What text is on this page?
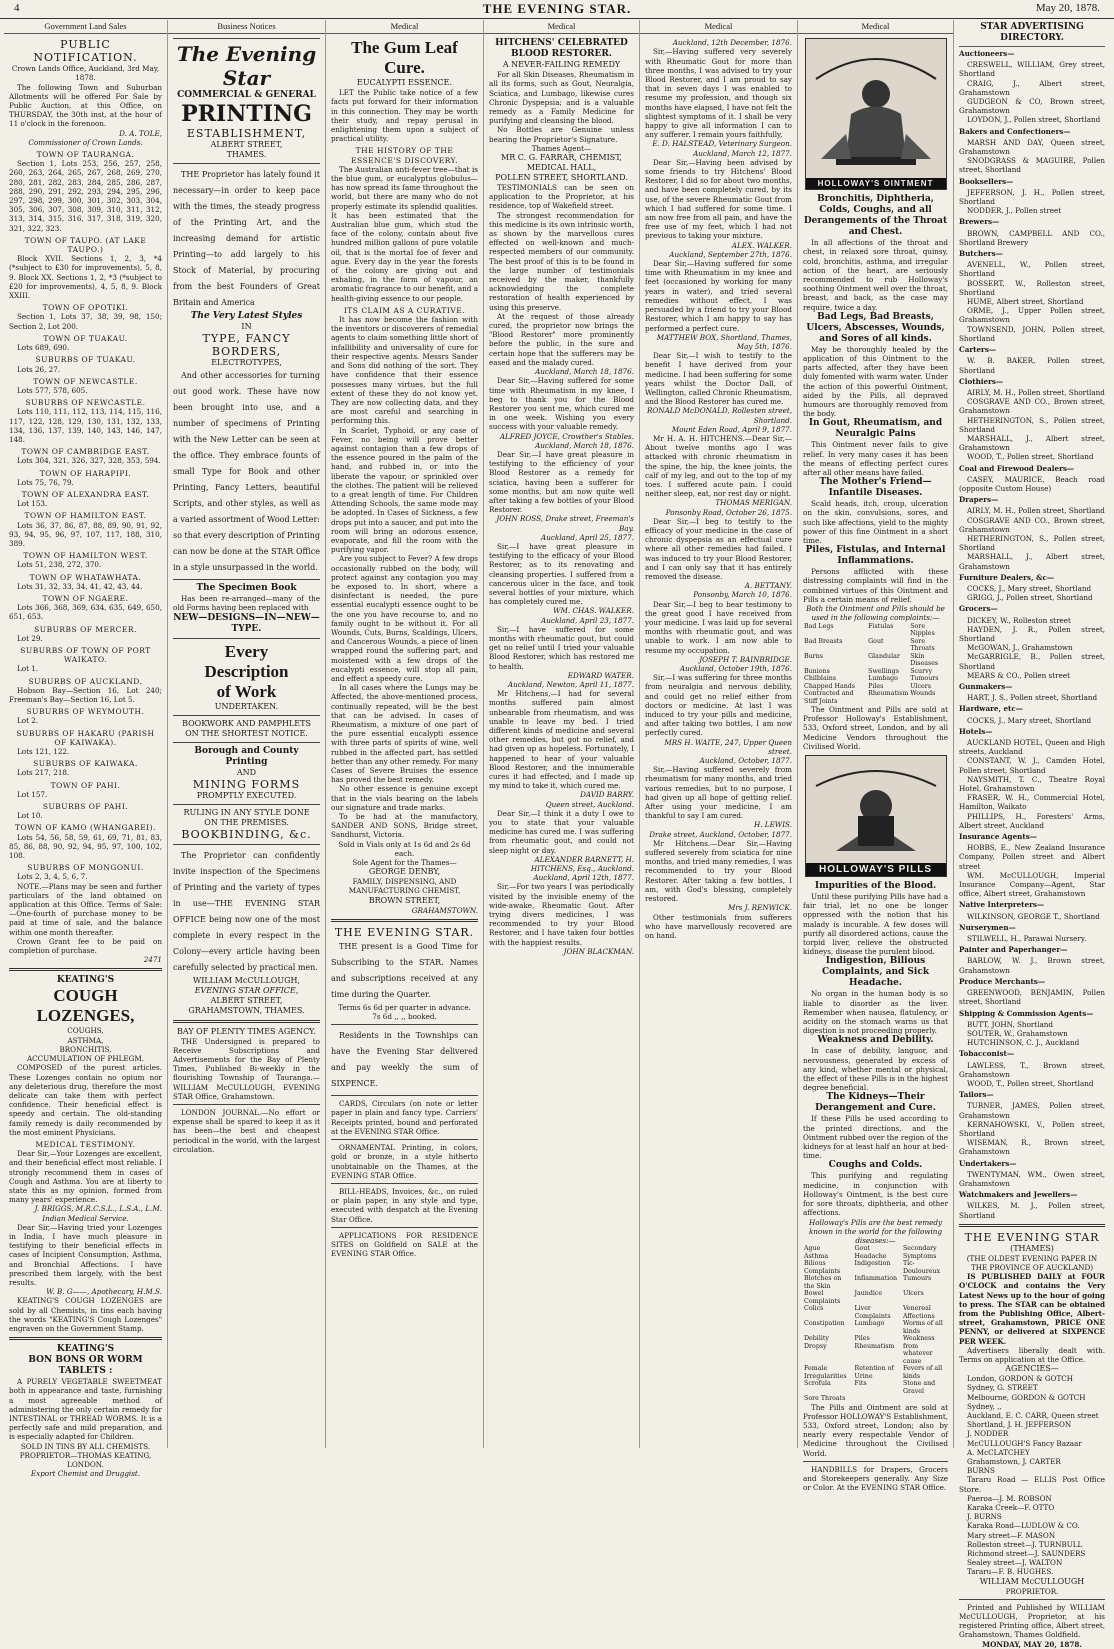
4	THE EVENING STAR.	May 20, 1878.
Government Land Sales
PUBLIC NOTIFICATION.
Crown Lands Office, Auckland, 3rd May, 1878.

The following Town and Suburban Allotments will be offered For Sale by Public Auction, at this Office, on THURSDAY, the 30th inst, at the hour of 11 o'clock in the forenoon.

D. A. TOLE,
Commissioner of Crown Lands.
TOWN OF TAURANGA.

Section 1, Lots 253, 256, 257, 258, 260, 263, 264, 265, 267, 268, 269, 270, 280, 281, 282, 283, 284, 285, 286, 287, 288, 290, 291, 292, 293, 294, 295, 296, 297, 298, 299, 300, 301, 302, 303, 304, 305, 306, 307, 308, 309, 310, 311, 312, 313, 314, 315, 316, 317, 318, 319, 320, 321, 322, 323.

TOWN OF TAUPO. (AT LAKE TAUPO.)

Block XVII. Sections 1, 2, 3, *4 (*subject to £30 for improvements), 5, 8, 9. Block XX. Sections 1, 2, *3 (*subject to £20 for improvements), 4, 5, 8, 9. Block XXIII.

TOWN OF OPOTIKI.

Section 1, Lots 37, 38, 39, 98, 150; Section 2, Lot 200.

TOWN OF TUAKAU.

Lots 689, 690.

SUBURBS OF TUAKAU.

Lots 26, 27.

TOWN OF NEWCASTLE.

Lots 577, 578, 605.

SUBURBS OF NEWCASTLE.

Lots 110, 111, 112, 113, 114, 115, 116, 117, 122, 128, 129, 130, 131, 132, 133, 134, 136, 137, 139, 140, 143, 146, 147, 148.

TOWN OF CAMBRIDGE EAST.

Lots 304, 321, 326, 327, 328, 353, 594.

TOWN OF HARAPIPI.

Lots 75, 76, 79.

TOWN OF ALEXANDRA EAST.

Lot 153.

TOWN OF HAMILTON EAST.

Lots 36, 37, 86, 87, 88, 89, 90, 91, 92, 93, 94, 95, 96, 97, 107, 117, 188, 310, 389.

TOWN OF HAMILTON WEST.

Lots 51, 238, 272, 370.

TOWN OF WHATAWHATA.

Lots 31, 32, 33, 34, 41, 42, 43, 44.

TOWN OF NGAERE.

Lots 366, 368, 369, 634, 635, 649, 650, 651, 653.

SUBURBS OF MERCER.

Lot 29.

SUBURBS OF TOWN OF PORT WAIKATO.

Lot 1.

SUBURBS OF AUCKLAND.

Hobson Bay—Section 16, Lot 240; Freeman's Bay—Section 16, Lot 5.

SUBURBS OF WEYMOUTH.

Lot 2.

SUBURBS OF HAKARU (PARISH OF KAIWAKA).

Lots 121, 122.

SUBURBS OF KAIWAKA.

Lots 217, 218.

TOWN OF PAHI.

Lot 157.

SUBURBS OF PAHI.

Lot 10.

TOWN OF KAMO (WHANGAREI).

Lots 54, 56, 58, 59, 61, 69, 71, 81, 83, 85, 86, 88, 90, 92, 94, 95, 97, 100, 102, 108.

SUBURBS OF MONGONUI.

Lots 2, 3, 4, 5, 6, 7.

NOTE.—Plans may be seen and further particulars of the land obtained on application at this Office. Terms of Sale:—One-fourth of purchase money to be paid at time of sale, and the balance within one month thereafter.

Crown Grant fee to be paid on completion of purchase.

2471
KEATING'S
COUGH LOZENGES,
COUGHS,
ASTHMA,
BRONCHITIS,
ACCUMULATION OF PHLEGM.

COMPOSED of the purest articles. These Lozenges contain no opium nor any deleterious drug, therefore the most delicate can take them with perfect confidence. Their beneficial effect is speedy and certain. The old-standing family remedy is daily recommended by the most eminent Physicians.

MEDICAL TESTIMONY.

Dear Sir,—Your Lozenges are excellent, and their beneficial effect most reliable. I strongly recommend them in cases of Cough and Asthma. You are at liberty to state this as my opinion, formed from many years' experience.

J. BRIGGS, M.R.C.S.L., L.S.A., L.M.
Indian Medical Service.

Dear Sir,—Having tried your Lozenges in India, I have much pleasure in testifying to their beneficial effects in cases of Incipient Consumption, Asthma, and Bronchial Affections. I have prescribed them largely, with the best results.

W. B. G——, Apothecary, H.M.S.

KEATING'S COUGH LOZENGES are sold by all Chemists, in tins each having the words "KEATING'S Cough Lozenges" engraven on the Government Stamp.

KEATING'S
BON BONS OR WORM TABLETS :

A PURELY VEGETABLE SWEETMEAT both in appearance and taste, furnishing a most agreeable method of administering the only certain remedy for INTESTINAL or THREAD WORMS. It is a perfectly safe and mild preparation, and is especially adapted for Children.

SOLD IN TINS BY ALL CHEMISTS.
PROPRIETOR—THOMAS KEATING,
LONDON.
Export Chemist and Druggist.
Business Notices
The Evening Star
COMMERCIAL & GENERAL
PRINTING
ESTABLISHMENT,
ALBERT STREET,
THAMES.

THE Proprietor has lately found it necessary—in order to keep pace with the times, the steady progress of the Printing Art, and the increasing demand for artistic Printing—to add largely to his Stock of Material, by procuring from the best Founders of Great Britain and America

The Very Latest Styles
IN
TYPE, FANCY BORDERS,
ELECTROTYPES,

And other accessories for turning out good work. These have now been brought into use, and a number of specimens of Printing with the New Letter can be seen at the office. They embrace founts of small Type for Book and other Printing, Fancy Letters, beautiful Scripts, and other styles, as well as a varied assortment of Wood Letter: so that every description of Printing can now be done at the STAR Office in a style unsurpassed in the world.

The Specimen Book

Has been re-arranged—many of the old Forms having been replaced with

NEW—DESIGNS—IN—NEW—TYPE.
Every
Description
of Work
UNDERTAKEN.
BOOKWORK AND PAMPHLETS
ON THE SHORTEST NOTICE.
Borough and County Printing
AND
MINING FORMS
PROMPTLY EXECUTED.
RULING IN ANY STYLE DONE
ON THE PREMISES.
BOOKBINDING, &c.

The Proprietor can confidently invite inspection of the Specimens of Printing and the variety of types in use—THE EVENING STAR OFFICE being now one of the most complete in every respect in the Colony—every article having been carefully selected by practical men.

WILLIAM McCULLOUGH,
EVENING STAR OFFICE,
ALBERT STREET,
GRAHAMSTOWN, THAMES.
BAY OF PLENTY TIMES AGENCY.

THE Undersigned is prepared to Receive Subscriptions and Advertisements for the Bay of Plenty Times, Published Bi-weekly in the flourishing Township of Tauranga.—WILLIAM McCULLOUGH, EVENING STAR Office, Grahamstown.

LONDON JOURNAL.—No effort or expense shall be spared to keep it as it has been—the best and cheapest periodical in the world, with the largest circulation.

Medical
The Gum Leaf Cure.
EUCALYPTI ESSENCE.

LET the Public take notice of a few facts put forward for their information in this connection. They may be worth their study, and repay perusal in enlightening them upon a subject of practical utility.

THE HISTORY OF THE ESSENCE'S DISCOVERY.

The Australian anti-fever tree—that is the blue gum, or eucalyptus globulus—has now spread its fame throughout the world, but there are many who do not properly estimate its splendid qualities. It has been estimated that the Australian blue gum, which stud the face of the colony, contain about five hundred million gallons of pure volatile oil, that is the mortal foe of fever and ague. Every day in the year the forests of the colony are giving out and exhaling, in the form of vapour, an aromatic fragrance to our benefit, and a health-giving essence to our people.

ITS CLAIM AS A CURATIVE.

It has now become the fashion with the inventors or discoverers of remedial agents to claim something little short of infallibility and universality of cure for their respective agents. Messrs Sander and Sons did nothing of the sort. They have confidence that their essence possesses many virtues, but the full extent of these they do not know yet. They are now collecting data, and they are most careful and searching in performing this.

In Scarlet, Typhoid, or any case of Fever, no being will prove better against contagion than a few drops of the essence poured in the palm of the hand, and rubbed in, or into the liberate the vapour, or sprinkled over the clothes. The patient will be relieved to a great length of time. For Children Attending Schools, the same mode may be adopted. In Cases of Sickness, a few drops put into a saucer, and put into the room will bring an odorous essence, evaporate, and fill the room with the purifying vapor.

Are you subject to Fever? A few drops occasionally rubbed on the body, will protect against any contagion you may be exposed to. In short, where a disinfectant is needed, the pure essential eucalypti essence ought to be the one you have recourse to, and no family ought to be without it. For all Wounds, Cuts, Burns, Scaldings, Ulcers, and Cancerous Wounds, a piece of linen wrapped round the suffering part, and moistened with a few drops of the eucalypti essence, will stop all pain, and effect a speedy cure.

In all cases where the Lungs may be Affected, the above-mentioned process, continually repeated, will be the best that can be advised. In cases of Rheumatism, a mixture of one part of the pure essential eucalypti essence with three parts of spirits of wine, well rubbed in the affected part, has settled better than any other remedy. For many Cases of Severe Bruises the essence has proved the best remedy.

No other essence is genuine except that in the vials bearing on the labels our signature and trade marks.

To be had at the manufactory, SANDER AND SONS, Bridge street, Sandhurst, Victoria.

Sold in Vials only at 1s 6d and 2s 6d each.
Sole Agent for the Thames—
GEORGE DENBY,
FAMILY, DISPENSING, AND MANUFACTURING CHEMIST,
BROWN STREET,
GRAHAMSTOWN.
THE EVENING STAR.

THE present is a Good Time for Subscribing to the STAR. Names and subscriptions received at any time during the Quarter.

Terms 6s 6d per quarter in advance.
7s 6d ,, ,, booked.

Residents in the Townships can have the Evening Star delivered and pay weekly the sum of SIXPENCE.

CARDS, Circulars (on note or letter paper in plain and fancy type. Carriers' Receipts printed, bound and perforated at the EVENING STAR Office.

ORNAMENTAL Printing, in colors, gold or bronze, in a style hitherto unobtainable on the Thames, at the EVENING STAR Office.

BILL-HEADS, Invoices, &c., on ruled or plain paper, in any style and type, executed with despatch at the Evening Star Office.

APPLICATIONS FOR RESIDENCE SITES on Goldfield on SALE at the EVENING STAR Office.

Medical
HITCHENS' CELEBRATED BLOOD RESTORER.
A NEVER-FAILING REMEDY

For all Skin Diseases, Rheumatism in all its forms, such as Gout, Neuralgia, Sciatica, and Lumbago, likewise cures Chronic Dyspepsia; and is a valuable remedy as a Family Medicine for purifying and cleansing the blood.

No Bottles are Genuine unless bearing the Proprietor's Signature.

Thames Agent—
MR C. G. FARRAR, CHEMIST,
MEDICAL HALL,
POLLEN STREET, SHORTLAND.

TESTIMONIALS can be seen on application to the Proprietor, at his residence, top of Wakefield street.

The strongest recommendation for this medicine is its own intrinsic worth, as shown by the marvellous cures effected on well-known and much-respected members of our community. The best proof of this is to be found in the large number of testimonials received by the maker, thankfully acknowledging the complete restoration of health experienced by using this preserve.

At the request of those already cured, the proprietor now brings the "Blood Restorer" more prominently before the public, in the sure and certain hope that the sufferers may be eased and the malady cured.

Auckland, March 18, 1876.

Dear Sir,—Having suffered for some time with Rheumatism in my knee, I beg to thank you for the Blood Restorer you sent me, which cured me in one week. Wishing you every success with your valuable remedy.

ALFRED JOYCE, Crowther's Stables.
Auckland, March 18, 1876.

Dear Sir,—I have great pleasure in testifying to the efficiency of your Blood Restorer as a remedy for sciatica, having been a sufferer for some months, but am now quite well after taking a few bottles of your Blood Restorer.

JOHN ROSS, Drake street, Freeman's Bay.
Auckland, April 25, 1877.

Sir,—I have great pleasure in testifying to the efficacy of your Blood Restorer, as to its renovating and cleansing properties. I suffered from a cancerous ulcer in the face, and took several bottles of your mixture, which has completely cured me.

WM. CHAS. WALKER.
Auckland, April 23, 1877.

Sir,—I have suffered for some months with rheumatic gout, but could get no relief until I tried your valuable Blood Restorer, which has restored me to health.

EDWARD WATER.
Auckland, Newton, April 11, 1877.

Mr Hitchens,—I had for several months suffered pain almost unbearable from rheumatism, and was unable to leave my bed. I tried different kinds of medicine and several other remedies, but got no relief, and had given up as hopeless. Fortunately, I happened to hear of your valuable Blood Restorer, and the innumerable cures it had effected, and I made up my mind to take it, which cured me.

DAVID BARRY.
Queen street, Auckland.

Dear Sir,—I think it a duty I owe to you to state that your valuable medicine has cured me. I was suffering from rheumatic gout, and could not sleep night or day.

ALEXANDER BARNETT, H. HITCHENS, Esq., Auckland.
Auckland, April 12th, 1877.

Sir,—For two years I was periodically visited by the invisible enemy of the wide-awake, Rheumatic Gout. After trying divers medicines, I was recommended to try your Blood Restorer, and I have taken four bottles with the happiest results.

JOHN BLACKMAN.
Medical
Auckland, 12th December, 1876.

Sir,—Having suffered very severely with Rheumatic Gout for more than three months, I was advised to try your Blood Restorer, and I am proud to say that in seven days I was enabled to resume my profession, and though six months have elapsed, I have not felt the slightest symptoms of it. I shall be very happy to give all information I can to any sufferer. I remain yours faithfully,

E. D. HALSTEAD, Veterinary Surgeon.
Auckland, March 12, 1877.

Dear Sir,—Having been advised by some friends to try Hitchens' Blood Restorer, I did so for about two months, and have been completely cured, by its use, of the severe Rheumatic Gout from which I had suffered for some time. I am now free from all pain, and have the free use of my feet, which I had not previous to taking your mixture.

ALEX. WALKER.
Auckland, September 27th, 1876.

Dear Sir,—Having suffered for some time with Rheumatism in my knee and feet (occasioned by working for many years in water), and tried several remedies without effect, I was persuaded by a friend to try your Blood Restorer, which I am happy to say has performed a perfect cure.

MATTHEW BOX, Shortland, Thames, May 5th, 1876.

Dear Sir,—I wish to testify to the benefit I have derived from your medicine. I had been suffering for some years whilst the Doctor Dall, of Wellington, called Chronic Rheumatism, and the Blood Restorer has cured me.

RONALD McDONALD, Rollesten street, Shortland.
Mount Eden Road, April 9, 1877.

Mr H. A. H. HITCHENS.—Dear Sir,—About twelve months ago I was attacked with chronic rheumatism in the spine, the hip, the knee joints, the calf of my leg, and out to the top of my toes. I suffered acute pain. I could neither sleep, eat, nor rest day or night.

THOMAS MERIGAN.
Ponsonby Road, October 26, 1875.

Dear Sir,—I beg to testify to the efficacy of your medicine in the case of chronic dyspepsia as an effectual cure where all other remedies had failed. I was induced to try your Blood Restorer, and I can only say that it has entirely removed the disease.

A. BETTANY.
Ponsonby, March 10, 1876.

Dear Sir,—I beg to bear testimony to the great good I have received from your medicine. I was laid up for several months with rheumatic gout, and was unable to work. I am now able to resume my occupation.

JOSEPH T. BAINBRIDGE.
Auckland, October 19th, 1876.

Sir,—I was suffering for three months from neuralgia and nervous debility, and could get no relief either from doctors or medicine. At last I was induced to try your pills and medicine, and after taking two bottles, I am now perfectly cured.

MRS H. WAITE, 247, Upper Queen street.
Auckland, October, 1877.

Sir,—Having suffered severely from rheumatism for many months, and tried various remedies, but to no purpose, I had given up all hope of getting relief. After using your medicine, I am thankful to say I am cured.

H. LEWIS.
Drake street, Auckland, October, 1877.

Mr Hitchens.—Dear Sir,—Having suffered severely from sciatica for nine months, and tried many remedies, I was recommended to try your Blood Restorer. After taking a few bottles, I am, with God's blessing, completely restored.

Mrs J. RENWICK.

Other testimonials from sufferers who have marvellously recovered are on hand.

Medical
HOLLOWAY'S OINTMENT
Bronchitis, Diphtheria, Colds, Coughs, and all Derangements of the Throat and Chest.

In all affections of the throat and chest, in relaxed sore throat, quinsy, cold, bronchitis, asthma, and irregular action of the heart, are seriously recommended to rub Holloway's soothing Ointment well over the throat, breast, and back, as the case may require, twice a day.

Bad Legs, Bad Breasts, Ulcers, Abscesses, Wounds, and Sores of all kinds.

May be thoroughly healed by the application of this Ointment to the parts affected, after they have been duly fomented with warm water. Under the action of this powerful Ointment, aided by the Pills, all depraved humours are thoroughly removed from the body.

In Gout, Rheumatism, and Neuralgic Pains

This Ointment never fails to give relief. In very many cases it has been the means of effecting perfect cures after all other means have failed.

The Mother's Friend—Infantile Diseases.

Scald heads, itch, croup, ulceration on the skin, convulsions, sores, and such like affections, yield to the mighty power of this fine Ointment in a short time.

Piles, Fistulas, and Internal Inflammations.

Persons afflicted with these distressing complaints will find in the combined virtues of this Ointment and Pills a certain means of relief.

Both the Ointment and Pills should be used in the following complaints:—
Bad Legs	Fistulas	Sore Nipples
Bad Breasts	Gout	Sore Throats
Burns	Glandular	Skin Diseases
Bunions	Swellings	Scurvy
Chilblains	Lumbago	Tumours
Chapped Hands	Piles	Ulcers
Contracted and Stiff Joints	Rheumatism	Wounds

The Ointment and Pills are sold at Professor Holloway's Establishment, 533, Oxford street, London, and by all Medicine Vendors throughout the Civilised World.

HOLLOWAY'S PILLS
Impurities of the Blood.

Until these purifying Pills have had a fair trial, let no one be longer oppressed with the notion that his malady is incurable. A few doses will purify all disordered actions, cause the torpid liver, relieve the obstructed kidneys, disease the purulent blood.

Indigestion, Bilious Complaints, and Sick Headache.

No organ in the human body is so liable to disorder as the liver. Remember when nausea, flatulency, or acidity on the stomach warns us that digestion is not proceeding properly.

Weakness and Debility.

In case of debility, languor, and nervousness, generated by excess of any kind, whether mental or physical, the effect of these Pills is in the highest degree beneficial.

The Kidneys—Their Derangement and Cure.

If these Pills be used according to the printed directions, and the Ointment rubbed over the region of the kidneys for at least half an hour at bed-time.

Coughs and Colds.

This purifying and regulating medicine, in conjunction with Holloway's Ointment, is the best cure for sore throats, diphtheria, and other affections.

Holloway's Pills are the best remedy known in the world for the following diseases:—
Ague	Gout	Secondary
Asthma	Headache	Symptoms
Bilious Complaints	Indigestion	Tic-Douloureux
Blotches on the Skin	Inflammation	Tumours
Bowel Complaints	Jaundice	Ulcers
Colics	Liver Complaints	Venereal Affections
Constipation	Lumbago	Worms of all kinds
Debility	Piles	Weakness
Dropsy	Rheumatism	from whatever cause
Female Irregularities	Retention of Urine	Fevers of all kinds
Scrofula	Fits	Stone and Gravel
Sore Throats		

The Pills and Ointment are sold at Professor HOLLOWAY'S Establishment, 533, Oxford street, London; also by nearly every respectable Vendor of Medicine throughout the Civilised World.

HANDBILLS for Drapers, Grocers and Storekeepers generally. Any Size or Color. At the EVENING STAR Office.

STAR ADVERTISING DIRECTORY.
Auctioneers—
CRESWELL, WILLIAM, Grey street, Shortland
CRAIG, J., Albert street, Grahamstown
GUDGEON & CO, Brown street, Grahamstown
LOYDON, J., Pollen street, Shortland
Bakers and Confectioners—
MARSH AND DAY, Queen street, Grahamstown
SNODGRASS & MAGUIRE, Pollen street, Shortland
Booksellers—
JEFFERSON, J. H., Pollen street, Shortland
NODDER, J., Pollen street
Brewers—
BROWN, CAMPBELL AND CO., Shortland Brewery
Butchers—
AVENELL, W., Pollen street, Shortland
BOSSERT, W., Rolleston street, Shortland
HUME, Albert street, Shortland
ORME, J., Upper Pollen street, Grahamstown
TOWNSEND, JOHN, Pollen street, Shortland
Carters—
W. B. BAKER, Pollen street, Shortland
Clothiers—
AIRLY, M. H., Pollen street, Shortland
COSGRAVE AND CO., Brown street, Grahamstown
HETHERINGTON, S., Pollen street, Shortland
MARSHALL, J., Albert street, Grahamstown
WOOD, T., Pollen street, Shortland
Coal and Firewood Dealers—
CASEY, MAURICE, Beach road (opposite Custom House)
Drapers—
AIRLY, M. H., Pollen street, Shortland
COSGRAVE AND CO., Brown street, Grahamstown
HETHERINGTON, S., Pollen street, Shortland
MARSHALL, J., Albert street, Grahamstown
Furniture Dealers, &c—
COCKS, J., Mary street, Shortland
GRIGG, J., Pollen street, Shortland
Grocers—
DICKEY, W., Rolleston street
HAYDEN, J. R., Pollen street, Shortland
McGOWAN, J., Grahamstown
McGARRIGLE, B., Pollen street, Shortland
MEARS & CO., Pollen street
Gunmakers—
HART, J. S., Pollen street, Shortland
Hardware, etc—
COCKS, J., Mary street, Shortland
Hotels—
AUCKLAND HOTEL, Queen and High streets, Auckland
CONSTANT, W. J., Camden Hotel, Pollen street, Shortland
NAYSMITH, T. C., Theatre Royal Hotel, Grahamstown
FRASER, W. H., Commercial Hotel, Hamilton, Waikato
PHILLIPS, H., Foresters' Arms, Albert street, Auckland
Insurance Agents—
HOBBS, E., New Zealand Insurance Company, Pollen street and Albert street
WM. McCULLOUGH, Imperial Insurance Company—Agent, Star office, Albert street, Grahamstown
Native Interpreters—
WILKINSON, GEORGE T., Shortland
Nurserymen—
STILWELL, H., Parawai Nursery.
Painter and Paperhanger—
BARLOW, W. J., Brown street, Grahamstown
Produce Merchants—
GREENWOOD, BENJAMIN, Pollen street, Shortland
Shipping & Commission Agents—
BUTT, JOHN, Shortland
SOUTER, W., Grahamstown
HUTCHINSON, C. J., Auckland
Tobacconist—
LAWLESS, T., Brown street, Grahamstown
WOOD, T., Pollen street, Shortland
Tailors—
TURNER, JAMES, Pollen street, Grahamstown
KERNAHOWSKI, V., Pollen street, Shortland
WISEMAN, R., Brown street, Grahamstown
Undertakers—
TWENTYMAN, WM., Owen street, Grahamstown
Watchmakers and Jewellers—
WILKES, M. J., Pollen street, Shortland
THE EVENING STAR
(THAMES)
(THE OLDEST EVENING PAPER IN THE PROVINCE OF AUCKLAND)

IS PUBLISHED DAILY at FOUR O'CLOCK and contains the Very Latest News up to the hour of going to press. The STAR can be obtained from the Publishing Office, Albert-street, Grahamstown, PRICE ONE PENNY, or delivered at SIXPENCE PER WEEK.

Advertisers liberally dealt with. Terms on application at the Office.

AGENCIES—
London, GORDON & GOTCH
Sydney, G. STREET
Melbourne, GORDON & GOTCH
Sydney, ,,
Auckland, E. C. CARR, Queen street
Shortland, J. H. JEFFERSON
J. NODDER
McCULLOUGH'S Fancy Bazaar
A. McCLATCHEY
Grahamstown, J. CARTER
BURNS
Tararu Road — ELLIS Post Office Store.
Paeroa—J. M. ROBSON
Karaka Creek—F. OTTO
J. BURNS
Karaka Road—LUDLOW & CO.
Mary street—F. MASON
Rolleston street—J. TURNBULL
Richmond street—J. SAUNDERS
Sealey street—J. WALTON
Tararu—F. B. HUGHES.
WILLIAM McCULLOUGH
PROPRIETOR.

Printed and Published by WILLIAM McCULLOUGH, Proprietor, at his registered Printing office, Albert street, Grahamstown, Thames Goldfield.

MONDAY, MAY 20, 1878.
